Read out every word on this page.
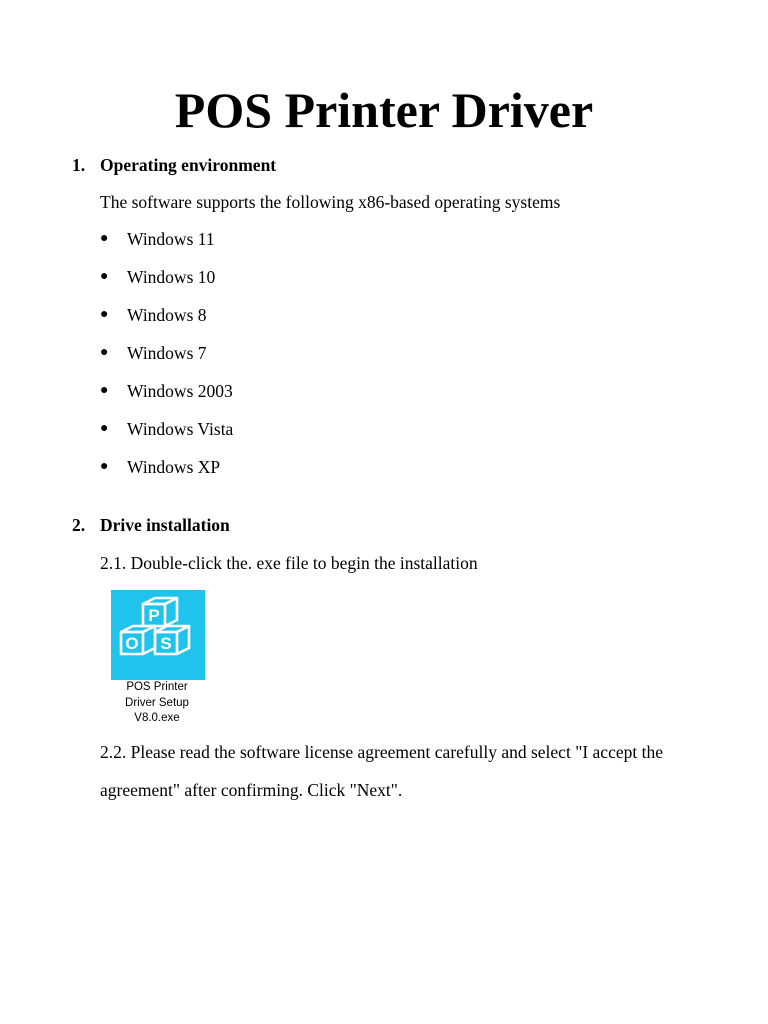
POS Printer Driver
1. Operating environment
The software supports the following x86-based operating systems
●	Windows 11
●	Windows 10
●	Windows 8
●	Windows 7
●	Windows 2003
●	Windows Vista
●	Windows XP
2. Drive installation
2.1. Double-click the. exe file to begin the installation
P
O S
POS Printer
Driver Setup
V8.0.exe
2.2. Please read the software license agreement carefully and select "I accept the
agreement" after confirming. Click "Next".
